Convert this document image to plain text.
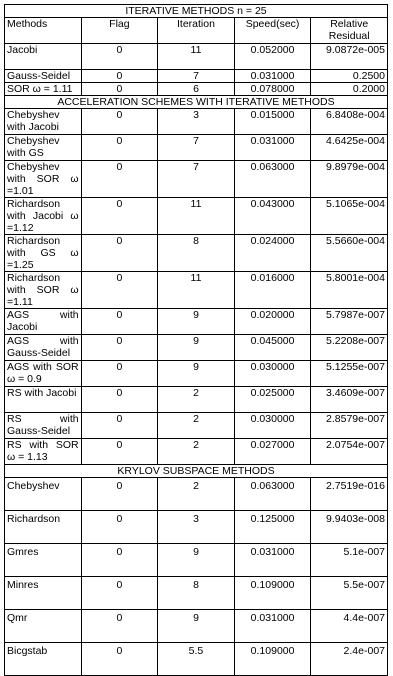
ITERATIVE METHODS n = 25				
Methods	Flag	Iteration	Speed(sec)	Relative Residual
Jacobi	0	11	0.052000	9.0872e-005
Gauss-Seidel	0	7	0.031000	0.2500
SOR ω = 1.11	0	6	0.078000	0.2000
ACCELERATION SCHEMES WITH ITERATIVE METHODS				
Chebyshev with Jacobi	0	3	0.015000	6.8408e-004
Chebyshev with GS	0	7	0.031000	4.6425e-004
Chebyshev with SOR ω =1.01	0	7	0.063000	9.8979e-004
Richardson with Jacobi ω =1.12	0	11	0.043000	5.1065e-004
Richardson with GS ω =1.25	0	8	0.024000	5.5660e-004
Richardson with SOR ω =1.11	0	11	0.016000	5.8001e-004
AGS with Jacobi	0	9	0.020000	5.7987e-007
AGS with Gauss-Seidel	0	9	0.045000	5.2208e-007
AGS with SOR ω = 0.9	0	9	0.030000	5.1255e-007
RS with Jacobi	0	2	0.025000	3.4609e-007
RS with Gauss-Seidel	0	2	0.030000	2.8579e-007
RS with SOR ω = 1.13	0	2	0.027000	2.0754e-007
KRYLOV SUBSPACE METHODS				
Chebyshev	0	2	0.063000	2.7519e-016
Richardson	0	3	0.125000	9.9403e-008
Gmres	0	9	0.031000	5.1e-007
Minres	0	8	0.109000	5.5e-007
Qmr	0	9	0.031000	4.4e-007
Bicgstab	0	5.5	0.109000	2.4e-007
